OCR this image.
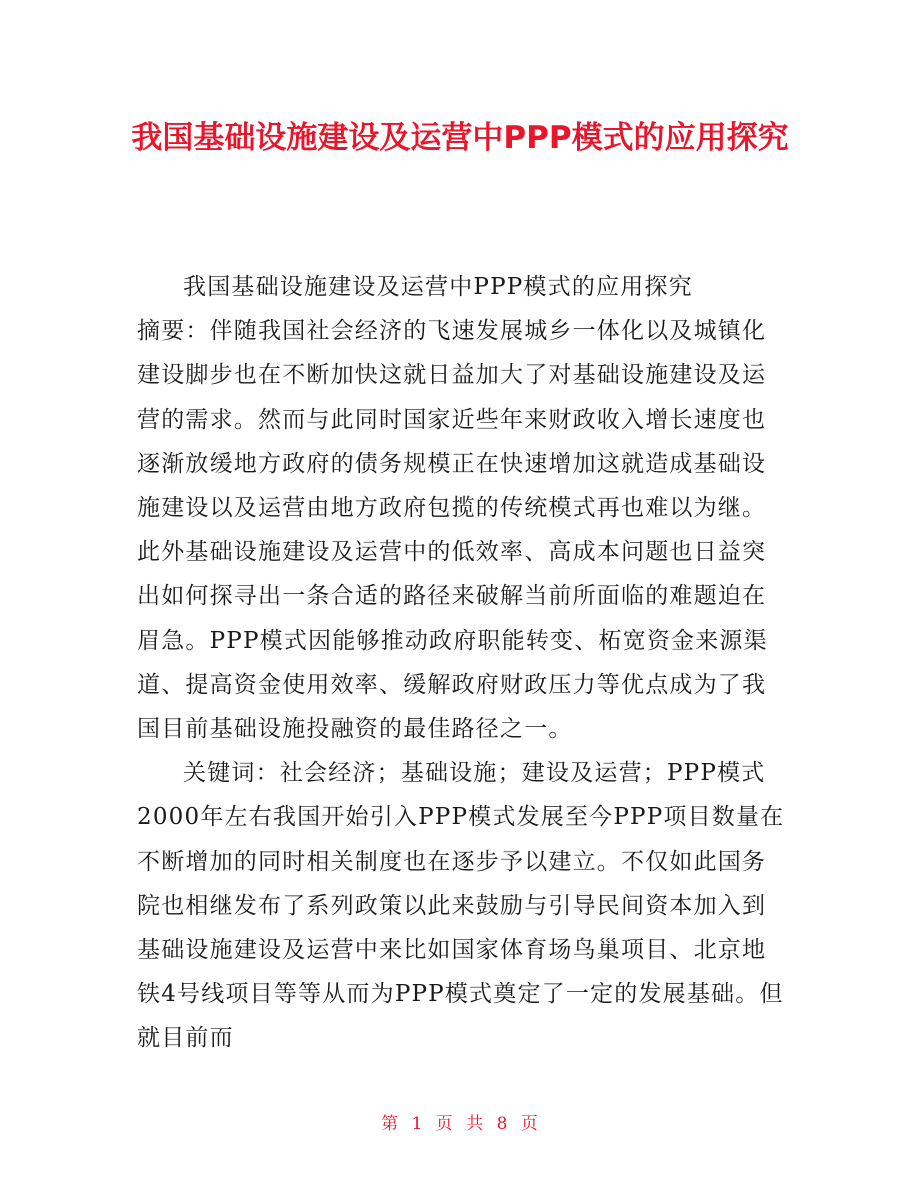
我国基础设施建设及运营中PPP模式的应用探究

我国基础设施建设及运营中PPP模式的应用探究

摘要：伴随我国社会经济的飞速发展城乡一体化以及城镇化建设脚步也在不断加快这就日益加大了对基础设施建设及运营的需求。然而与此同时国家近些年来财政收入增长速度也逐渐放缓地方政府的债务规模正在快速增加这就造成基础设施建设以及运营由地方政府包揽的传统模式再也难以为继。此外基础设施建设及运营中的低效率、高成本问题也日益突出如何探寻出一条合适的路径来破解当前所面临的难题迫在眉急。PPP模式因能够推动政府职能转变、柘宽资金来源渠道、提高资金使用效率、缓解政府财政压力等优点成为了我国目前基础设施投融资的最佳路径之一。

关键词：社会经济；基础设施；建设及运营；PPP模式

2000年左右我国开始引入PPP模式发展至今PPP项目数量在不断增加的同时相关制度也在逐步予以建立。不仅如此国务院也相继发布了系列政策以此来鼓励与引导民间资本加入到基础设施建设及运营中来比如国家体育场鸟巢项目、北京地铁4号线项目等等从而为PPP模式奠定了一定的发展基础。但就目前而

第 1 页 共 8 页
